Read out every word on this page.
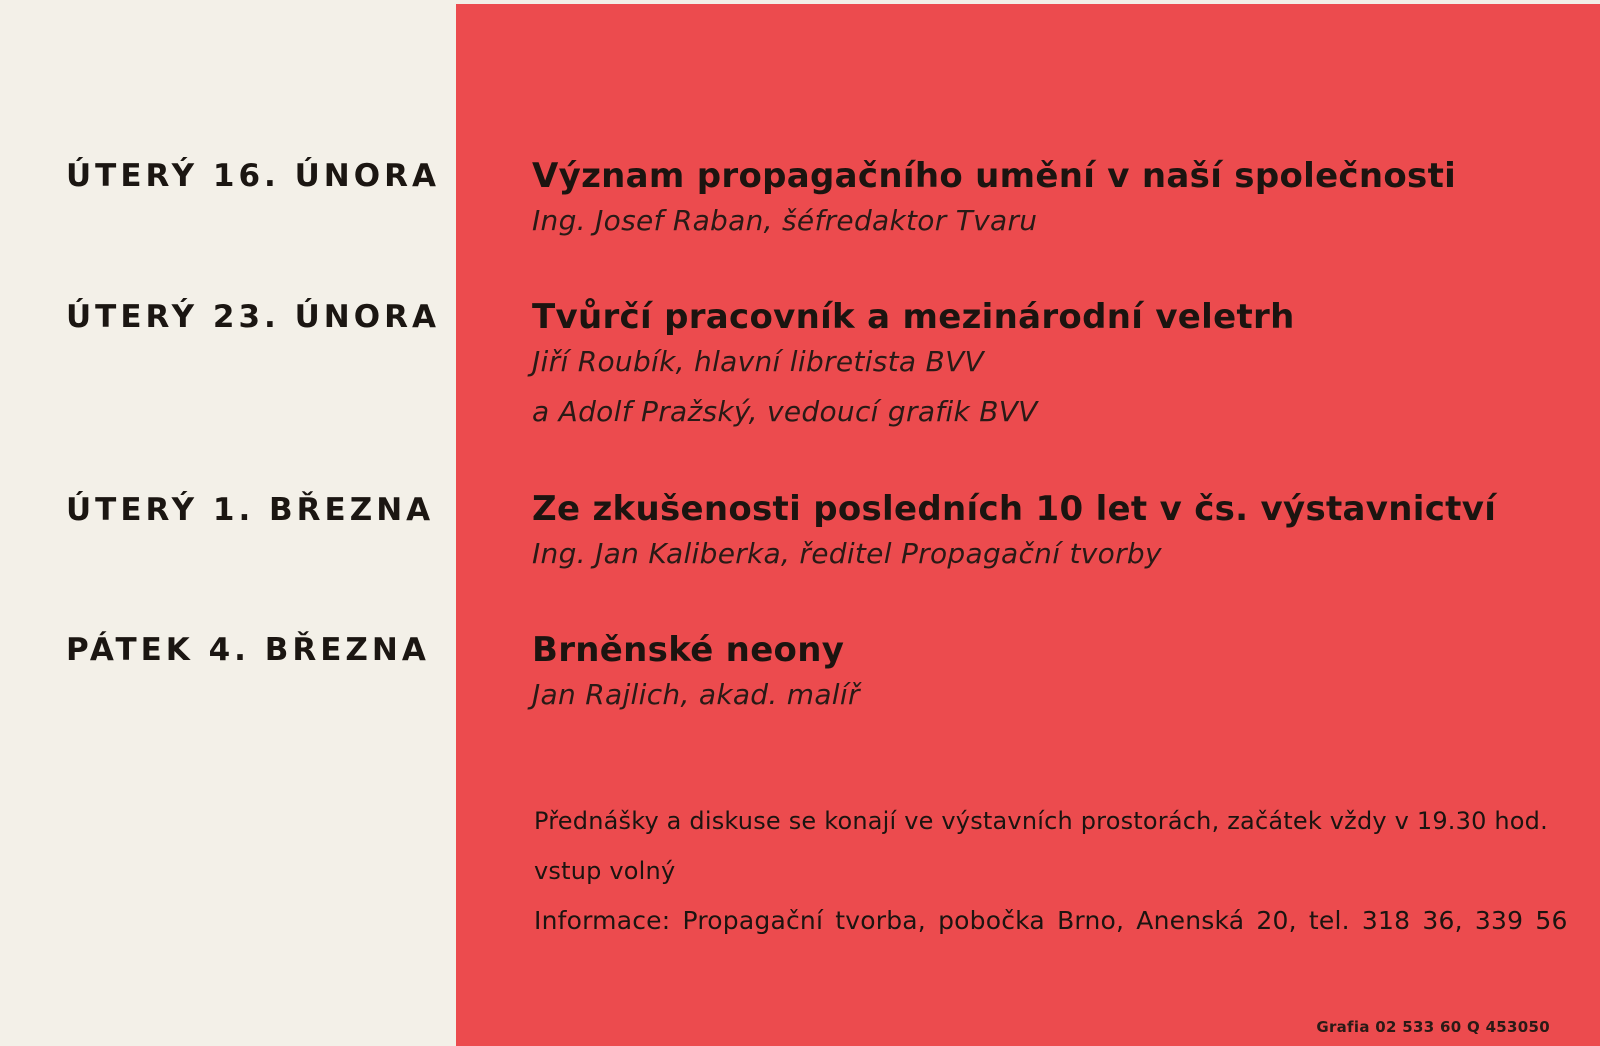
ÚTERÝ 16. ÚNORA
ÚTERÝ 23. ÚNORA
ÚTERÝ 1. BŘEZNA
PÁTEK 4. BŘEZNA
Význam propagačního umění v naší společnosti
Ing. Josef Raban, šéfredaktor Tvaru
Tvůrčí pracovník a mezinárodní veletrh
Jiří Roubík, hlavní libretista BVV
a Adolf Pražský, vedoucí grafik BVV
Ze zkušenosti posledních 10 let v čs. výstavnictví
Ing. Jan Kaliberka, ředitel Propagační tvorby
Brněnské neony
Jan Rajlich, akad. malíř
Přednášky a diskuse se konají ve výstavních prostorách, začátek vždy v 19.30 hod.
vstup volný
Informace: Propagační tvorba, pobočka Brno, Anenská 20, tel. 318 36, 339 56
Grafia 02 533 60 Q 453050
